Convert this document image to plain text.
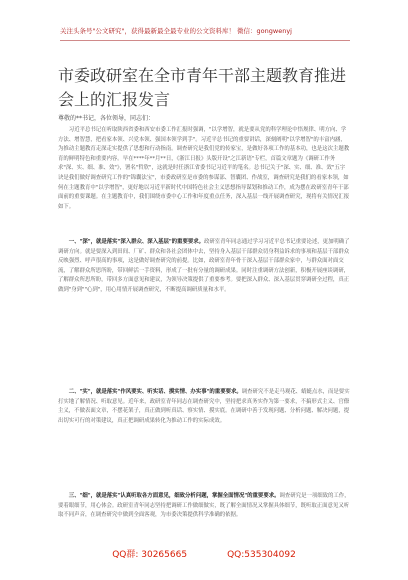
关注头条号"公文研究"，获得最新最全最专业的公文资料库！ 微信：gongwenyj
市委政研室在全市青年干部主题教育推进会上的汇报发言
尊敬的**书记，各位领导，同志们：

习近平总书记在听取陕西省委和西安市委工作汇报时强调，"以学增智，就是要从党的科学理论中悟规律、明方向、学方法、增智慧，把看家本领、兴党本领、强国本领学到手"。习近平总书记的重要讲话，深刻阐明"以学增智"的丰富内涵，为推动主题教育走深走实提供了思想和行动指南。调查研究是我们党的传家宝，是做好各项工作的基本功，也是这次主题教育的鲜明特色和重要内容。早在****年**月**日，《浙江日报》头版开设"之江新语"专栏，首篇文章题为《调研工作务求"深、实、细、准、效"》，署名"哲欣"，这就是时任浙江省委书记习近平的笔名。总书记关于"深、实、细、准、效"五字诀是我们做好调查研究工作的"锦囊法宝"，市委政研室是市委的参谋部、智囊团、作战室，调查研究是我们的看家本领，如何在主题教育中"以学增智"，更好地以习近平新时代中国特色社会主义思想指导谋划和推动工作，成为摆在政研室青年干部面前的重要课题。在主题教育中，我们围绕市委中心工作和年度重点任务，深入基层一线开展调查研究，现将有关情况汇报如下。

一、"深"，就是落实"深入群众、深入基层"的重要要求。政研室青年同志通过学习习近平总书记重要论述，更加明确了调研方向。就是要深入到田间、厂矿、群众和各社会团体中去，坚持身入基层干部群众切身利益诉求的事项和基层干部群众反映强烈、呼声很高的事项，这是做好调查研究的前提。比如，政研室青年骨干深入基层干部群众家中，与群众面对面交流，了解群众所思所盼，带回鲜活一手资料，形成了一批有分量的调研成果。同时注重调研方法创新，积极开展座谈调研，了解群众所思所盼，带回多方面意见和建议，为领导决策提供了重要参考。要把深入群众、深入基层贯穿调研全过程，真正做到"身到""心到"，用心用情开展调查研究，不断提高调研质量和水平。

二、"实"，就是落实"作风要实、听实话、摸实情、办实事"的重要要求。调查研究不是走马观花、蜻蜓点水，而是要实打实地了解情况、听取意见。近年来，政研室青年同志在调查研究中，坚持把求真务实作为第一要求，不搞形式主义、官僚主义，不做表面文章，不摆花架子，真正做到听真话、察实情、摸实底。在调研中善于发现问题、分析问题、解决问题，提出切实可行的对策建议，真正把调研成果转化为推动工作的实际成效。

三、"细"，就是落实"认真听取各方面意见，细致分析问题，掌握全面情况"的重要要求。调查研究是一项细致的工作，要着眼细节，用心体会。政研室青年同志坚持把调研工作做细做实，既了解全面情况又掌握具体细节，既听取正面意见又听取不同声音，在调查研究中做到全面客观，为市委决策提供科学准确的依据。

QQ群: 30265665	QQ:535304092
